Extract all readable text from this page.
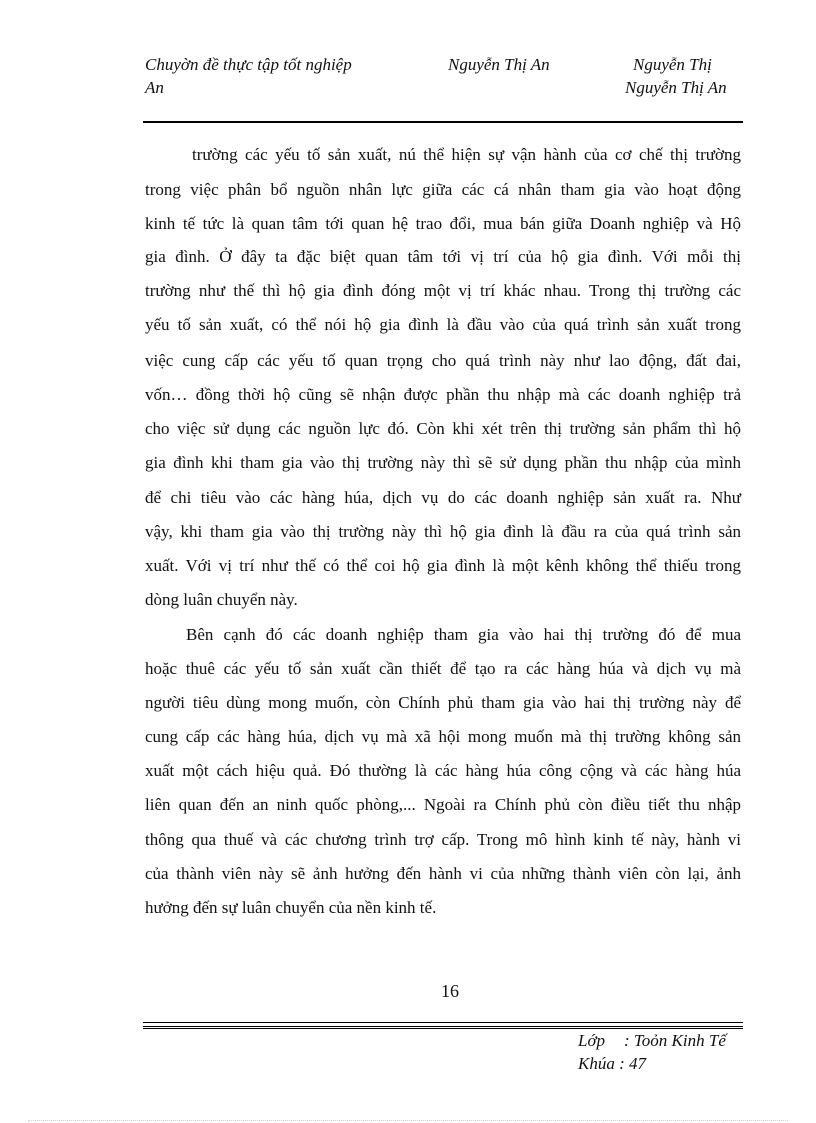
Chuyờn đề thực tập tốt nghiệp
An
Nguyễn Thị An	Nguyễn Thị
Nguyễn Thị An
trường các yếu tố sản xuất, nú thể hiện sự vận hành của cơ chế thị trường
trong việc phân bổ nguồn nhân lực giữa các cá nhân tham gia vào hoạt động
kinh tế tức là quan tâm tới quan hệ trao đổi, mua bán giữa Doanh nghiệp và Hộ
gia đình. Ở đây ta đặc biệt quan tâm tới vị trí của hộ gia đình. Với mỗi thị
trường như thế thì hộ gia đình đóng một vị trí khác nhau. Trong thị trường các
yếu tố sản xuất, có thể nói hộ gia đình là đầu vào của quá trình sản xuất trong
việc cung cấp các yếu tố quan trọng cho quá trình này như lao động, đất đai,
vốn… đồng thời hộ cũng sẽ nhận được phần thu nhập mà các doanh nghiệp trả
cho việc sử dụng các nguồn lực đó. Còn khi xét trên thị trường sản phẩm thì hộ
gia đình khi tham gia vào thị trường này thì sẽ sử dụng phần thu nhập của mình
để chi tiêu vào các hàng húa, dịch vụ do các doanh nghiệp sản xuất ra. Như
vậy, khi tham gia vào thị trường này thì hộ gia đình là đầu ra của quá trình sản
xuất. Với vị trí như thế có thể coi hộ gia đình là một kênh không thể thiếu trong
dòng luân chuyển này.
Bên cạnh đó các doanh nghiệp tham gia vào hai thị trường đó để mua
hoặc thuê các yếu tố sản xuất cần thiết để tạo ra các hàng húa và dịch vụ mà
người tiêu dùng mong muốn, còn Chính phủ tham gia vào hai thị trường này để
cung cấp các hàng húa, dịch vụ mà xã hội mong muốn mà thị trường không sản
xuất một cách hiệu quả. Đó thường là các hàng húa công cộng và các hàng húa
liên quan đến an ninh quốc phòng,... Ngoài ra Chính phủ còn điều tiết thu nhập
thông qua thuế và các chương trình trợ cấp. Trong mô hình kinh tế này, hành vi
của thành viên này sẽ ảnh hưởng đến hành vi của những thành viên còn lại, ảnh
hưởng đến sự luân chuyển của nền kinh tế.
16
Lớp : Toỏn Kinh Tế
Khúa : 47
